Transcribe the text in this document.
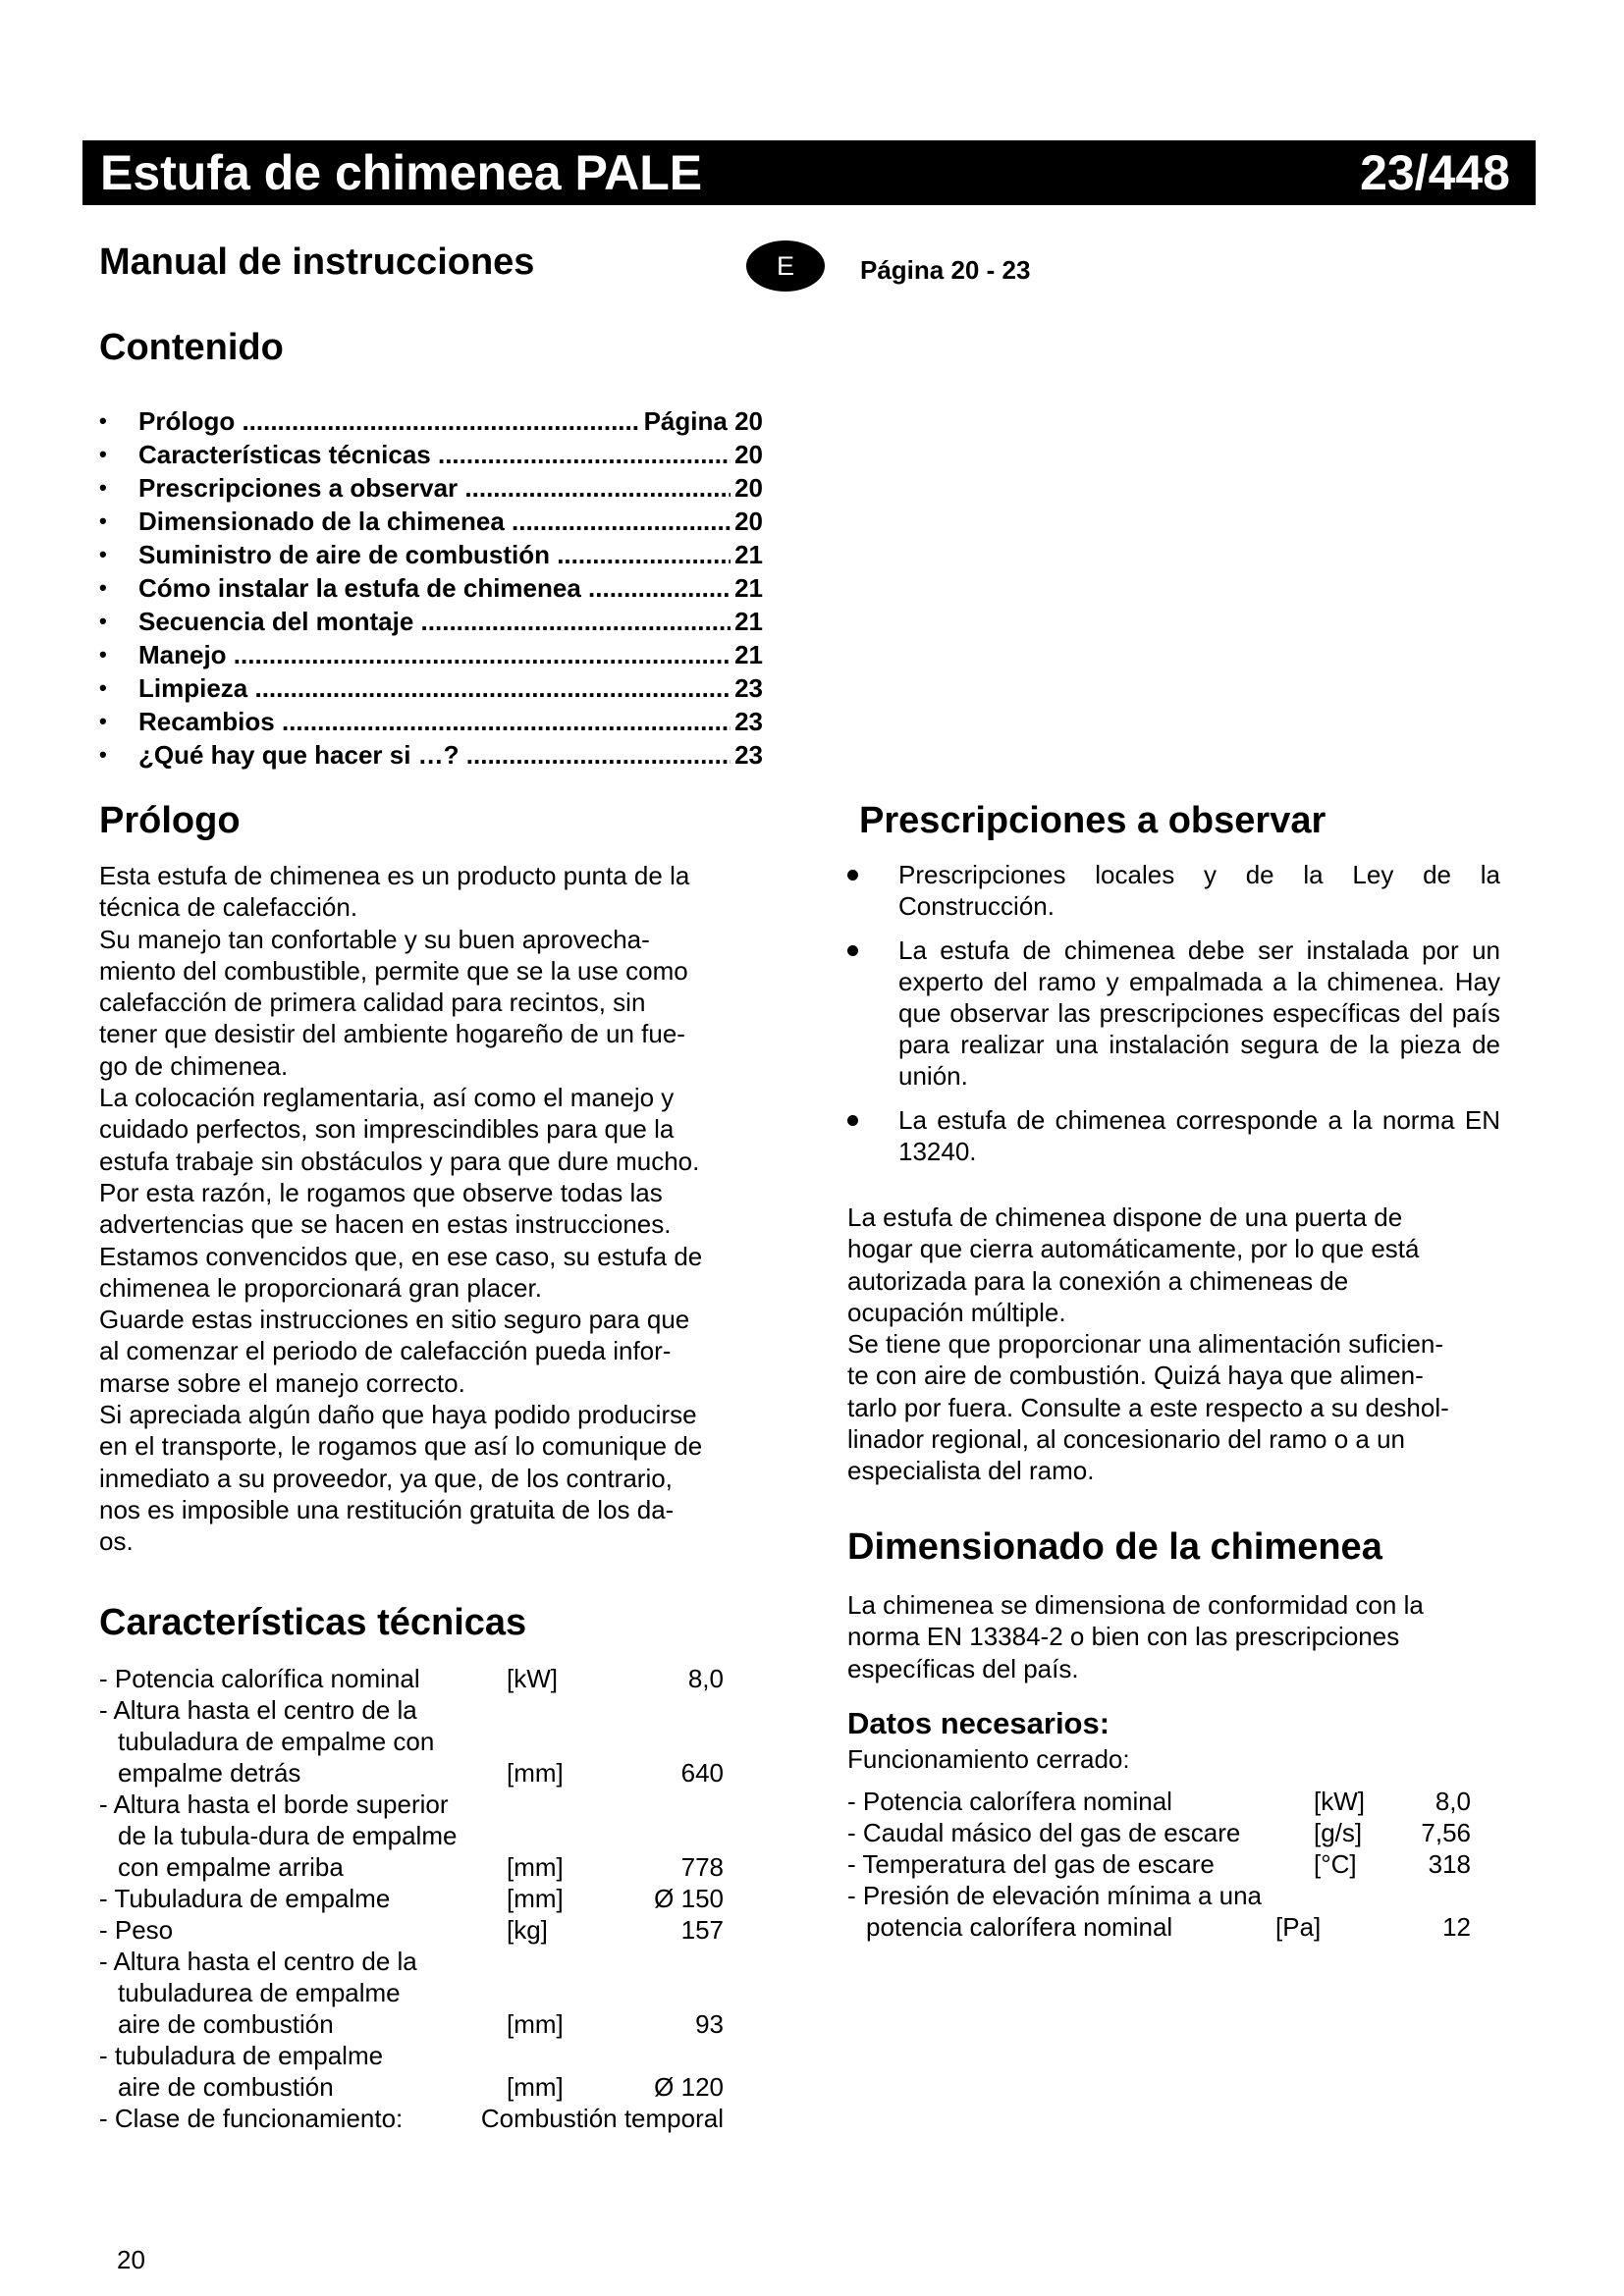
Estufa de chimenea PALE	23/448
Manual de instrucciones	E	Página 20 - 23
Contenido
•	Prólogo .....	Página 20
•	Características técnicas .....	20
•	Prescripciones a observar .....	20
•	Dimensionado de la chimenea .....	20
•	Suministro de aire de combustión .....	21
•	Cómo instalar la estufa de chimenea .....	21
•	Secuencia del montaje .....	21
•	Manejo .....	21
•	Limpieza .....	23
•	Recambios .....	23
•	¿Qué hay que hacer si …? .....	23
Prólogo
Esta estufa de chimenea es un producto punta de la
técnica de calefacción.
Su manejo tan confortable y su buen aprovecha-
miento del combustible, permite que se la use como
calefacción de primera calidad para recintos, sin
tener que desistir del ambiente hogareño de un fue-
go de chimenea.
La colocación reglamentaria, así como el manejo y
cuidado perfectos, son imprescindibles para que la
estufa trabaje sin obstáculos y para que dure mucho.
Por esta razón, le rogamos que observe todas las
advertencias que se hacen en estas instrucciones.
Estamos convencidos que, en ese caso, su estufa de
chimenea le proporcionará gran placer.
Guarde estas instrucciones en sitio seguro para que
al comenzar el periodo de calefacción pueda infor-
marse sobre el manejo correcto.
Si apreciada algún daño que haya podido producirse
en el transporte, le rogamos que así lo comunique de
inmediato a su proveedor, ya que, de los contrario,
nos es imposible una restitución gratuita de los da-
os.
Características técnicas
- Potencia calorífica nominal	[kW]	8,0
- Altura hasta el centro de la
tubuladura de empalme con
empalme detrás	[mm]	640
- Altura hasta el borde superior
de la tubula-dura de empalme
con empalme arriba	[mm]	778
- Tubuladura de empalme	[mm]	Ø 150
- Peso	[kg]	157
- Altura hasta el centro de la
tubuladurea de empalme
aire de combustión	[mm]	93
- tubuladura de empalme
aire de combustión	[mm]	Ø 120
- Clase de funcionamiento:	Combustión temporal
Prescripciones a observar
Prescripciones locales y de la Ley de la Construcción.
La estufa de chimenea debe ser instalada por un experto del ramo y empalmada a la chimenea. Hay que observar las prescripciones específicas del país para realizar una instalación segura de la pieza de unión.
La estufa de chimenea corresponde a la norma EN 13240.
La estufa de chimenea dispone de una puerta de
hogar que cierra automáticamente, por lo que está
autorizada para la conexión a chimeneas de
ocupación múltiple.
Se tiene que proporcionar una alimentación suficien-
te con aire de combustión. Quizá haya que alimen-
tarlo por fuera. Consulte a este respecto a su deshol-
linador regional, al concesionario del ramo o a un
especialista del ramo.
Dimensionado de la chimenea
La chimenea se dimensiona de conformidad con la
norma EN 13384-2 o bien con las prescripciones
específicas del país.
Datos necesarios:
Funcionamiento cerrado:
- Potencia calorífera nominal	[kW]	8,0
- Caudal másico del gas de escare	[g/s] 7,56
- Temperatura del gas de escare	[°C]	318
- Presión de elevación mínima a una
potencia calorífera nominal	[Pa]	12
20
